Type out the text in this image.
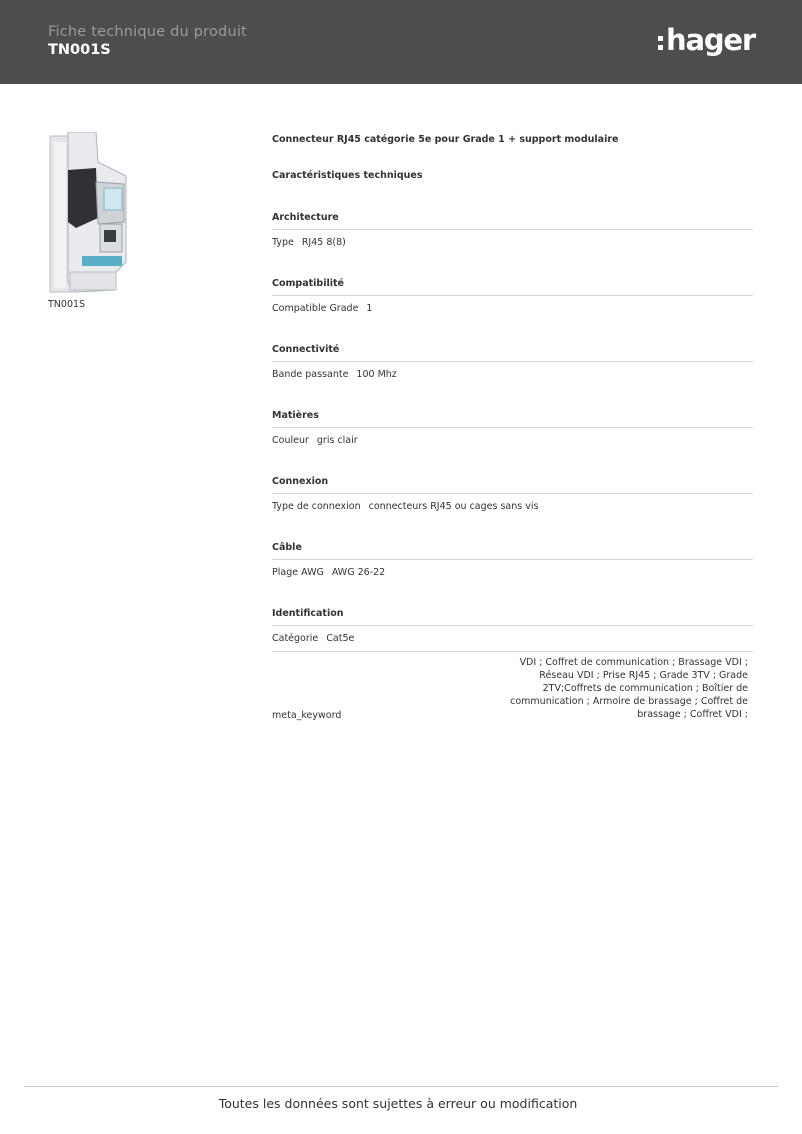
Fiche technique du produit
TN001S	hager
TN001S
Connecteur RJ45 catégorie 5e pour Grade 1 + support modulaire
Caractéristiques techniques
Architecture
Type RJ45 8(8)
Compatibilité
Compatible Grade 1
Connectivité
Bande passante 100 Mhz
Matières
Couleur gris clair
Connexion
Type de connexion connecteurs RJ45 ou cages sans vis
Câble
Plage AWG AWG 26-22
Identification
Catégorie Cat5e
meta_keyword
VDI ; Coffret de communication ; Brassage VDI ; Réseau VDI ; Prise RJ45 ; Grade 3TV ; Grade 2TV;Coffrets de communication ; Boîtier de communication ; Armoire de brassage ; Coffret de brassage ; Coffret VDI ;
Toutes les données sont sujettes à erreur ou modification
